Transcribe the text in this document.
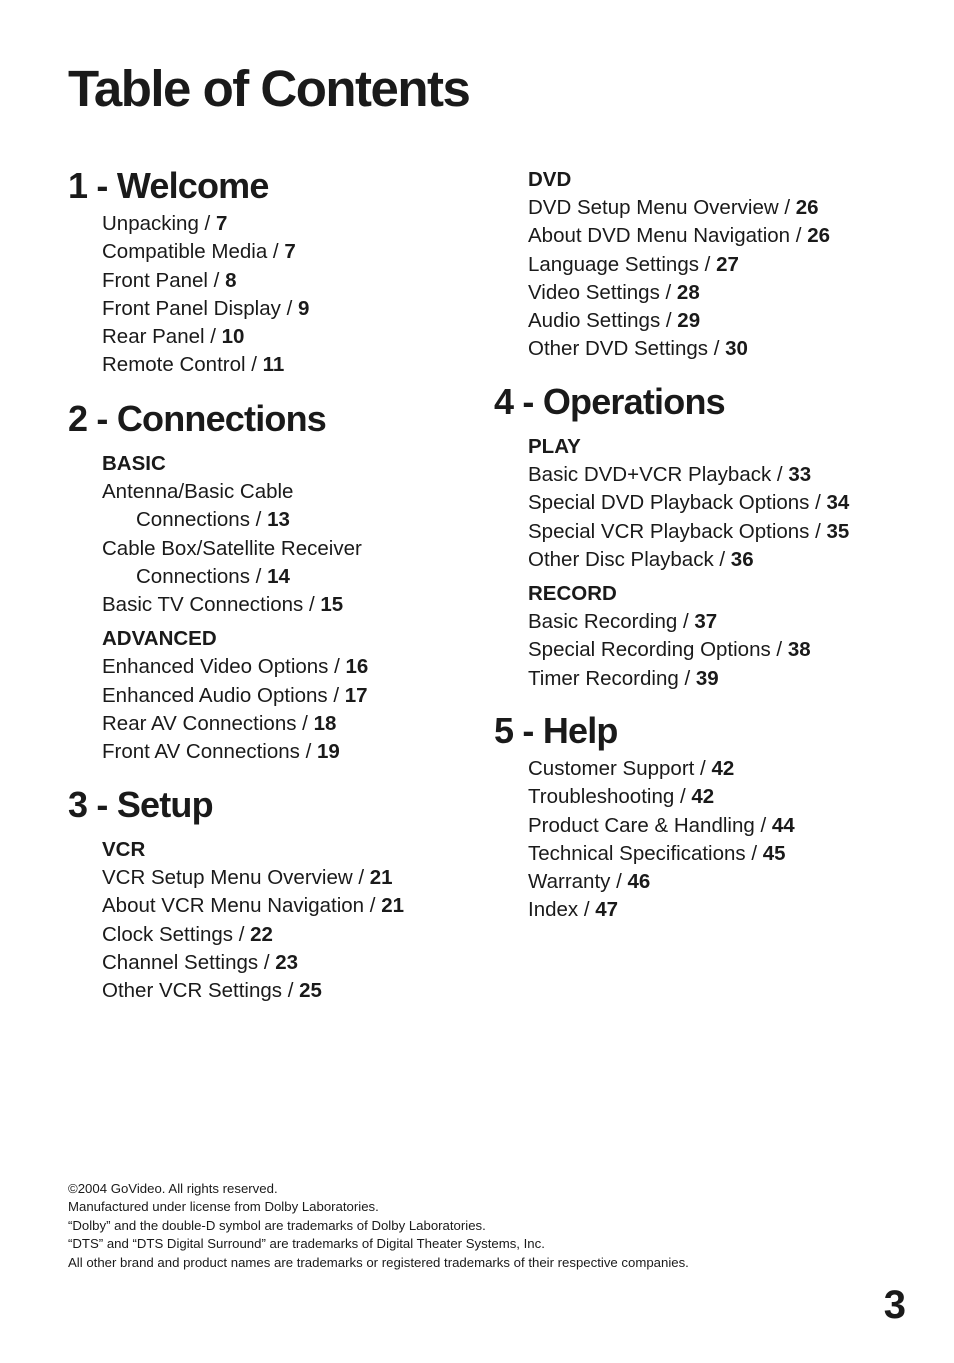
Table of Contents
1 - Welcome
Unpacking / 7
Compatible Media / 7
Front Panel / 8
Front Panel Display / 9
Rear Panel / 10
Remote Control / 11
2 - Connections
BASIC
Antenna/Basic Cable
Connections / 13
Cable Box/Satellite Receiver
Connections / 14
Basic TV Connections / 15
ADVANCED
Enhanced Video Options / 16
Enhanced Audio Options / 17
Rear AV Connections / 18
Front AV Connections / 19
3 - Setup
VCR
VCR Setup Menu Overview / 21
About VCR Menu Navigation / 21
Clock Settings / 22
Channel Settings / 23
Other VCR Settings / 25
DVD
DVD Setup Menu Overview / 26
About DVD Menu Navigation / 26
Language Settings / 27
Video Settings / 28
Audio Settings / 29
Other DVD Settings / 30
4 - Operations
PLAY
Basic DVD+VCR Playback / 33
Special DVD Playback Options / 34
Special VCR Playback Options / 35
Other Disc Playback / 36
RECORD
Basic Recording / 37
Special Recording Options / 38
Timer Recording / 39
5 - Help
Customer Support / 42
Troubleshooting / 42
Product Care & Handling / 44
Technical Specifications / 45
Warranty / 46
Index / 47
©2004 GoVideo. All rights reserved.
Manufactured under license from Dolby Laboratories.
“Dolby” and the double-D symbol are trademarks of Dolby Laboratories.
“DTS” and “DTS Digital Surround” are trademarks of Digital Theater Systems, Inc.
All other brand and product names are trademarks or registered trademarks of their respective companies.
3
